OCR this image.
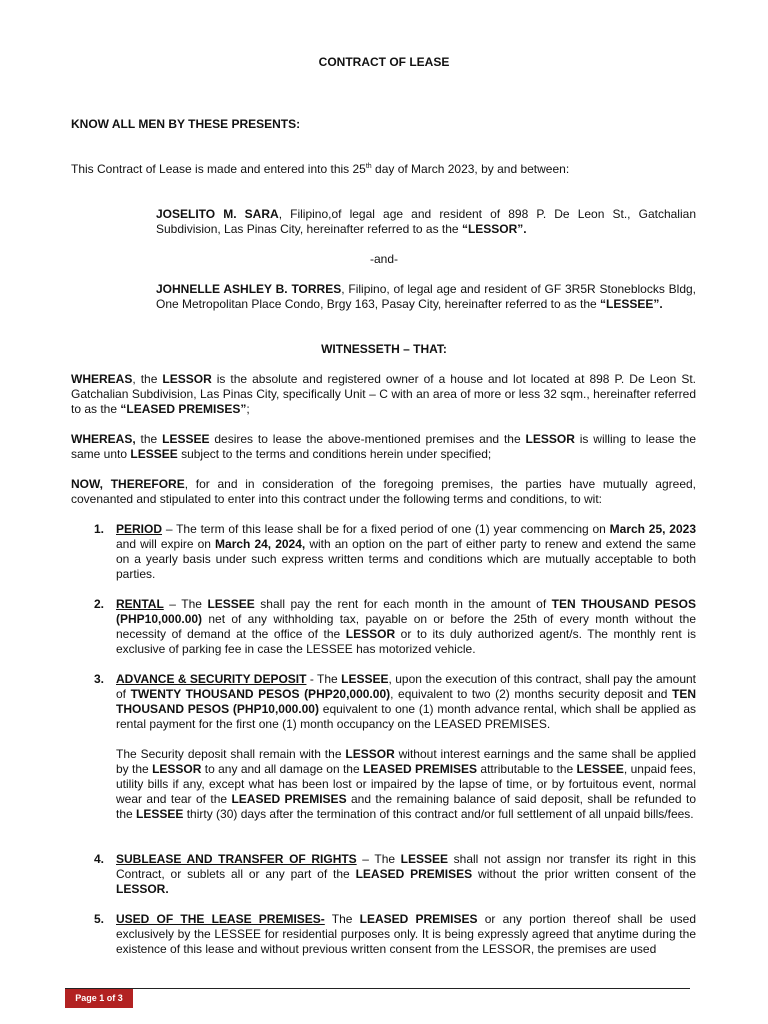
CONTRACT OF LEASE
KNOW ALL MEN BY THESE PRESENTS:
This Contract of Lease is made and entered into this 25th day of March 2023, by and between:
JOSELITO M. SARA, Filipino,of legal age and resident of 898 P. De Leon St., Gatchalian Subdivision, Las Pinas City, hereinafter referred to as the “LESSOR”.
-and-
JOHNELLE ASHLEY B. TORRES, Filipino, of legal age and resident of GF 3R5R Stoneblocks Bldg, One Metropolitan Place Condo, Brgy 163, Pasay City, hereinafter referred to as the “LESSEE”.
WITNESSETH – THAT:
WHEREAS, the LESSOR is the absolute and registered owner of a house and lot located at 898 P. De Leon St. Gatchalian Subdivision, Las Pinas City, specifically Unit – C with an area of more or less 32 sqm., hereinafter referred to as the “LEASED PREMISES”;
WHEREAS, the LESSEE desires to lease the above-mentioned premises and the LESSOR is willing to lease the same unto LESSEE subject to the terms and conditions herein under specified;
NOW, THEREFORE, for and in consideration of the foregoing premises, the parties have mutually agreed, covenanted and stipulated to enter into this contract under the following terms and conditions, to wit:
1. PERIOD – The term of this lease shall be for a fixed period of one (1) year commencing on March 25, 2023 and will expire on March 24, 2024, with an option on the part of either party to renew and extend the same on a yearly basis under such express written terms and conditions which are mutually acceptable to both parties.
2. RENTAL – The LESSEE shall pay the rent for each month in the amount of TEN THOUSAND PESOS (PHP10,000.00) net of any withholding tax, payable on or before the 25th of every month without the necessity of demand at the office of the LESSOR or to its duly authorized agent/s. The monthly rent is exclusive of parking fee in case the LESSEE has motorized vehicle.
3. ADVANCE & SECURITY DEPOSIT - The LESSEE, upon the execution of this contract, shall pay the amount of TWENTY THOUSAND PESOS (PHP20,000.00), equivalent to two (2) months security deposit and TEN THOUSAND PESOS (PHP10,000.00) equivalent to one (1) month advance rental, which shall be applied as rental payment for the first one (1) month occupancy on the LEASED PREMISES.
The Security deposit shall remain with the LESSOR without interest earnings and the same shall be applied by the LESSOR to any and all damage on the LEASED PREMISES attributable to the LESSEE, unpaid fees, utility bills if any, except what has been lost or impaired by the lapse of time, or by fortuitous event, normal wear and tear of the LEASED PREMISES and the remaining balance of said deposit, shall be refunded to the LESSEE thirty (30) days after the termination of this contract and/or full settlement of all unpaid bills/fees.
4. SUBLEASE AND TRANSFER OF RIGHTS – The LESSEE shall not assign nor transfer its right in this Contract, or sublets all or any part of the LEASED PREMISES without the prior written consent of the LESSOR.
5. USED OF THE LEASE PREMISES- The LEASED PREMISES or any portion thereof shall be used exclusively by the LESSEE for residential purposes only. It is being expressly agreed that anytime during the existence of this lease and without previous written consent from the LESSOR, the premises are used
Page 1 of 3
